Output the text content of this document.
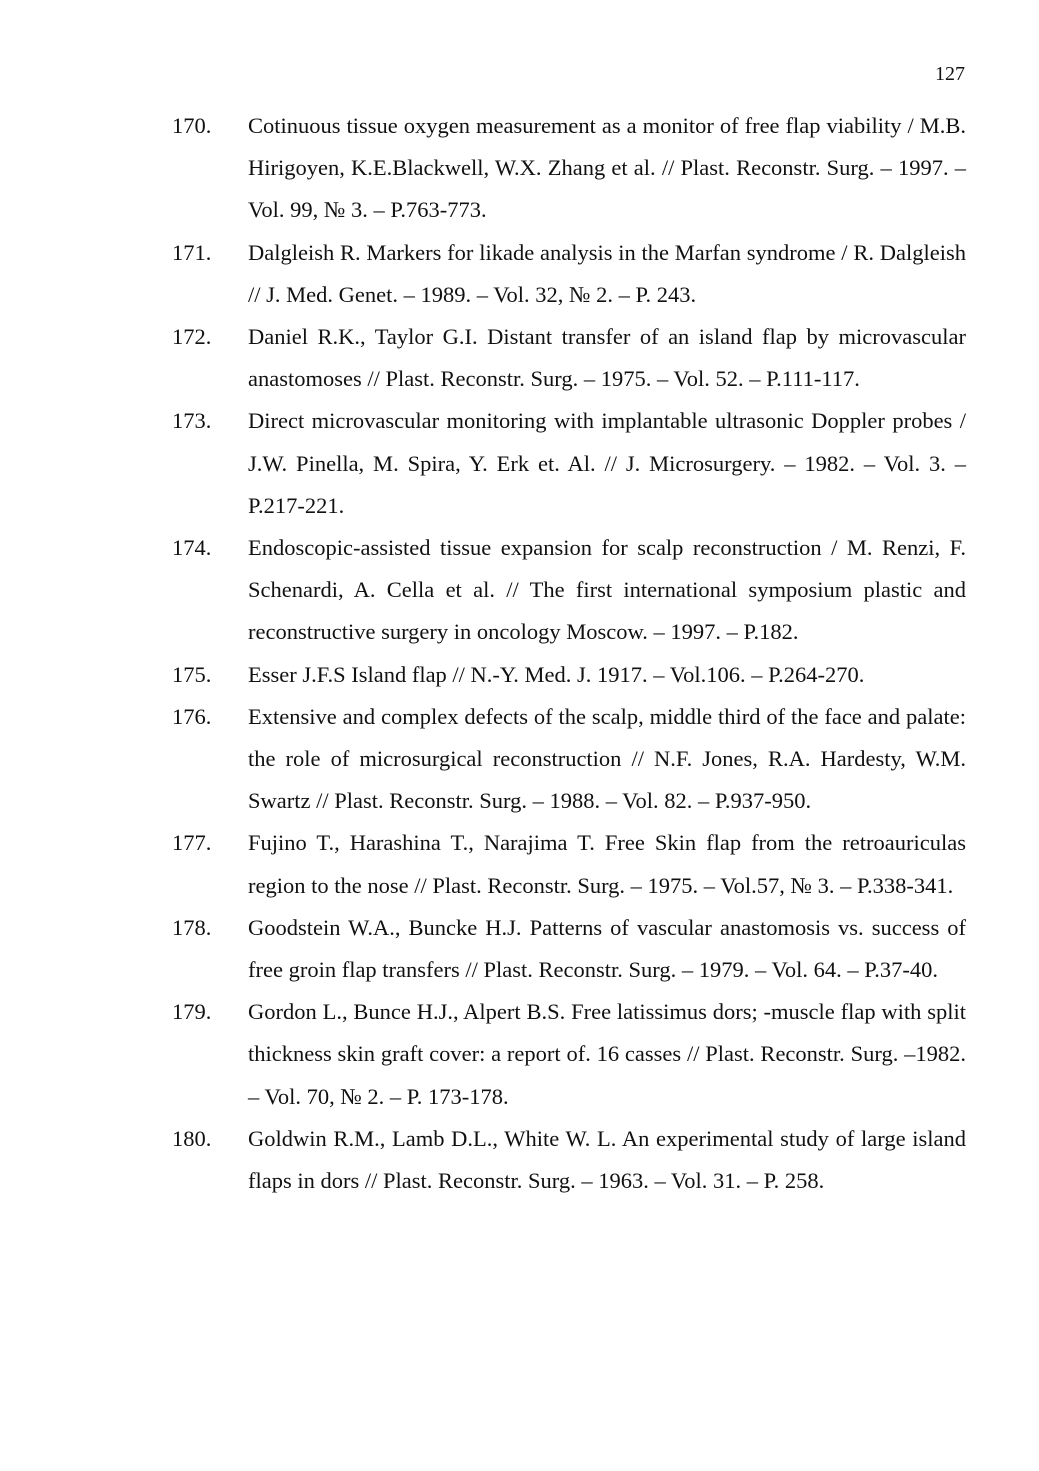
127
170.	Cotinuous tissue oxygen measurement as a monitor of free flap viability / M.B. Hirigoyen, K.E.Blackwell, W.X. Zhang et al. // Plast. Reconstr. Surg. – 1997. – Vol. 99, № 3. – P.763-773.
171.	Dalgleish R. Markers for likade analysis in the Marfan syndrome / R. Dalgleish // J. Med. Genet. – 1989. – Vol. 32, № 2. – P. 243.
172.	Daniel R.K., Taylor G.I. Distant transfer of an island flap by microvascular anastomoses // Plast. Reconstr. Surg. – 1975. – Vol. 52. – P.111-117.
173.	Direct microvascular monitoring with implantable ultrasonic Doppler probes / J.W. Pinella, M. Spira, Y. Erk et. Al. // J. Microsurgery. – 1982. – Vol. 3. – P.217-221.
174.	Endoscopic-assisted tissue expansion for scalp reconstruction / M. Renzi, F. Schenardi, A. Cella et al. // The first international symposium plastic and reconstructive surgery in oncology Moscow. – 1997. – P.182.
175.	Esser J.F.S Island flap // N.-Y. Med. J. 1917. – Vol.106. – P.264-270.
176.	Extensive and complex defects of the scalp, middle third of the face and palate: the role of microsurgical reconstruction // N.F. Jones, R.A. Hardesty, W.M. Swartz // Plast. Reconstr. Surg. – 1988. – Vol. 82. – P.937-950.
177.	Fujino T., Harashina T., Narajima T. Free Skin flap from the retroauriculas region to the nose // Plast. Reconstr. Surg. – 1975. – Vol.57, № 3. – P.338-341.
178.	Goodstein W.A., Buncke H.J. Patterns of vascular anastomosis vs. success of free groin flap transfers // Plast. Reconstr. Surg. – 1979. – Vol. 64. – P.37-40.
179.	Gordon L., Bunce H.J., Alpert B.S. Free latissimus dors; -muscle flap with split thickness skin graft cover: a report of. 16 casses // Plast. Reconstr. Surg. –1982. – Vol. 70, № 2. – P. 173-178.
180.	Goldwin R.M., Lamb D.L., White W. L. An experimental study of large island flaps in dors // Plast. Reconstr. Surg. – 1963. – Vol. 31. – P. 258.
